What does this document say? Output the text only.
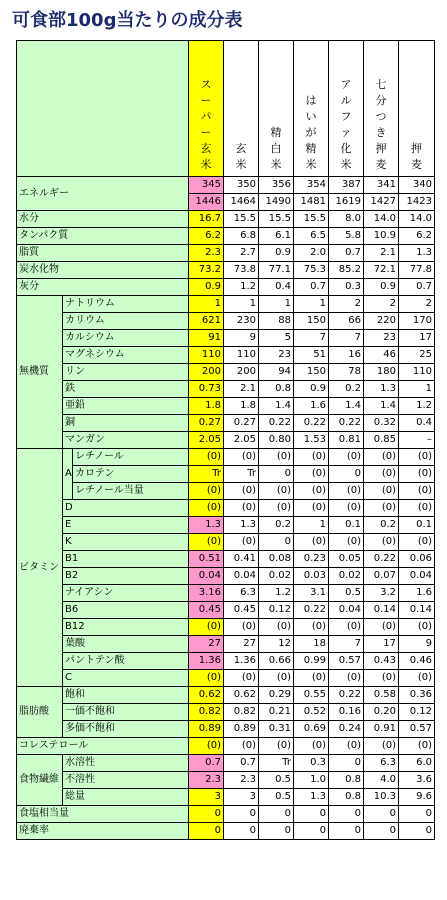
可食部100g当たりの成分表
			スーパー玄米	玄米	精白米	はいが精米	アルファ化米	七分つき押麦	押麦
エネルギー			345	350	356	354	387	341	340
			1446	1464	1490	1481	1619	1427	1423
水分			16.7	15.5	15.5	15.5	8.0	14.0	14.0
タンパク質			6.2	6.8	6.1	6.5	5.8	10.9	6.2
脂質			2.3	2.7	0.9	2.0	0.7	2.1	1.3
炭水化物			73.2	73.8	77.1	75.3	85.2	72.1	77.8
灰分			0.9	1.2	0.4	0.7	0.3	0.9	0.7
無機質	ナトリウム		1	1	1	1	2	2	2
	カリウム		621	230	88	150	66	220	170
	カルシウム		91	9	5	7	7	23	17
	マグネシウム		110	110	23	51	16	46	25
	リン		200	200	94	150	78	180	110
	鉄		0.73	2.1	0.8	0.9	0.2	1.3	1
	亜鉛		1.8	1.8	1.4	1.6	1.4	1.4	1.2
	銅		0.27	0.27	0.22	0.22	0.22	0.32	0.4
	マンガン		2.05	2.05	0.80	1.53	0.81	0.85	–
ビタミン	A	レチノール	(0)	(0)	(0)	(0)	(0)	(0)	(0)
		カロテン	Tr	Tr	0	(0)	0	(0)	(0)
		レチノール当量	(0)	(0)	(0)	(0)	(0)	(0)	(0)
	D		(0)	(0)	(0)	(0)	(0)	(0)	(0)
	E		1.3	1.3	0.2	1	0.1	0.2	0.1
	K		(0)	(0)	0	(0)	(0)	(0)	(0)
	B1		0.51	0.41	0.08	0.23	0.05	0.22	0.06
	B2		0.04	0.04	0.02	0.03	0.02	0.07	0.04
	ナイアシン		3.16	6.3	1.2	3.1	0.5	3.2	1.6
	B6		0.45	0.45	0.12	0.22	0.04	0.14	0.14
	B12		(0)	(0)	(0)	(0)	(0)	(0)	(0)
	葉酸		27	27	12	18	7	17	9
	パントテン酸		1.36	1.36	0.66	0.99	0.57	0.43	0.46
	C		(0)	(0)	(0)	(0)	(0)	(0)	(0)
脂肪酸	飽和		0.62	0.62	0.29	0.55	0.22	0.58	0.36
	一価不飽和		0.82	0.82	0.21	0.52	0.16	0.20	0.12
	多価不飽和		0.89	0.89	0.31	0.69	0.24	0.91	0.57
コレステロール			(0)	(0)	(0)	(0)	(0)	(0)	(0)
食物繊維	水溶性		0.7	0.7	Tr	0.3	0	6.3	6.0
	不溶性		2.3	2.3	0.5	1.0	0.8	4.0	3.6
	総量		3	3	0.5	1.3	0.8	10.3	9.6
食塩相当量			0	0	0	0	0	0	0
廃棄率			0	0	0	0	0	0	0
